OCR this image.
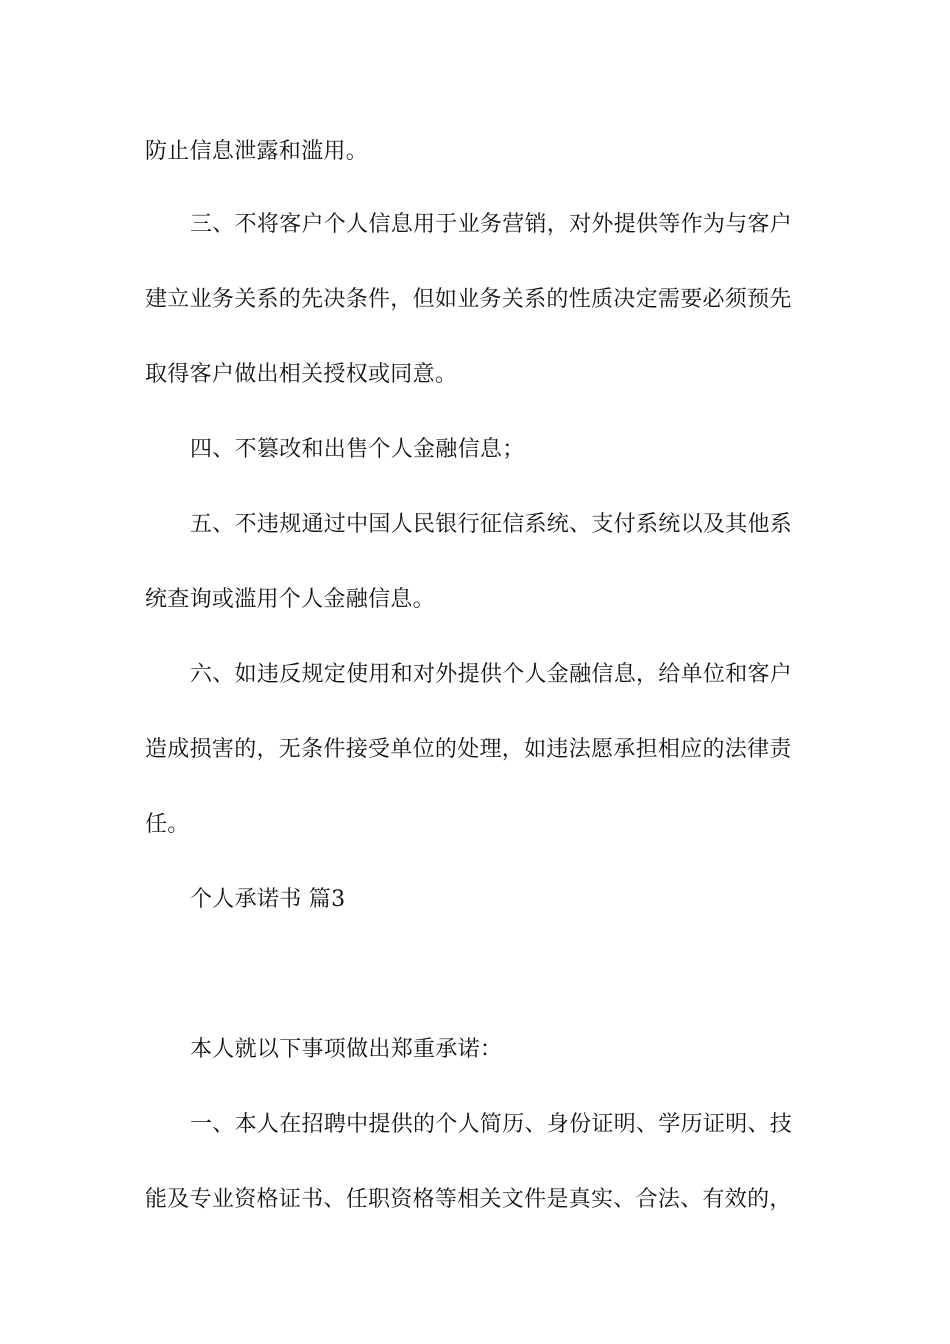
防止信息泄露和滥用。
三、不将客户个人信息用于业务营销，对外提供等作为与客户
建立业务关系的先决条件，但如业务关系的性质决定需要必须预先
取得客户做出相关授权或同意。
四、不篡改和出售个人金融信息；
五、不违规通过中国人民银行征信系统、支付系统以及其他系
统查询或滥用个人金融信息。
六、如违反规定使用和对外提供个人金融信息，给单位和客户
造成损害的，无条件接受单位的处理，如违法愿承担相应的法律责
任。
个人承诺书 篇3
本人就以下事项做出郑重承诺：
一、本人在招聘中提供的个人简历、身份证明、学历证明、技
能及专业资格证书、任职资格等相关文件是真实、合法、有效的，
